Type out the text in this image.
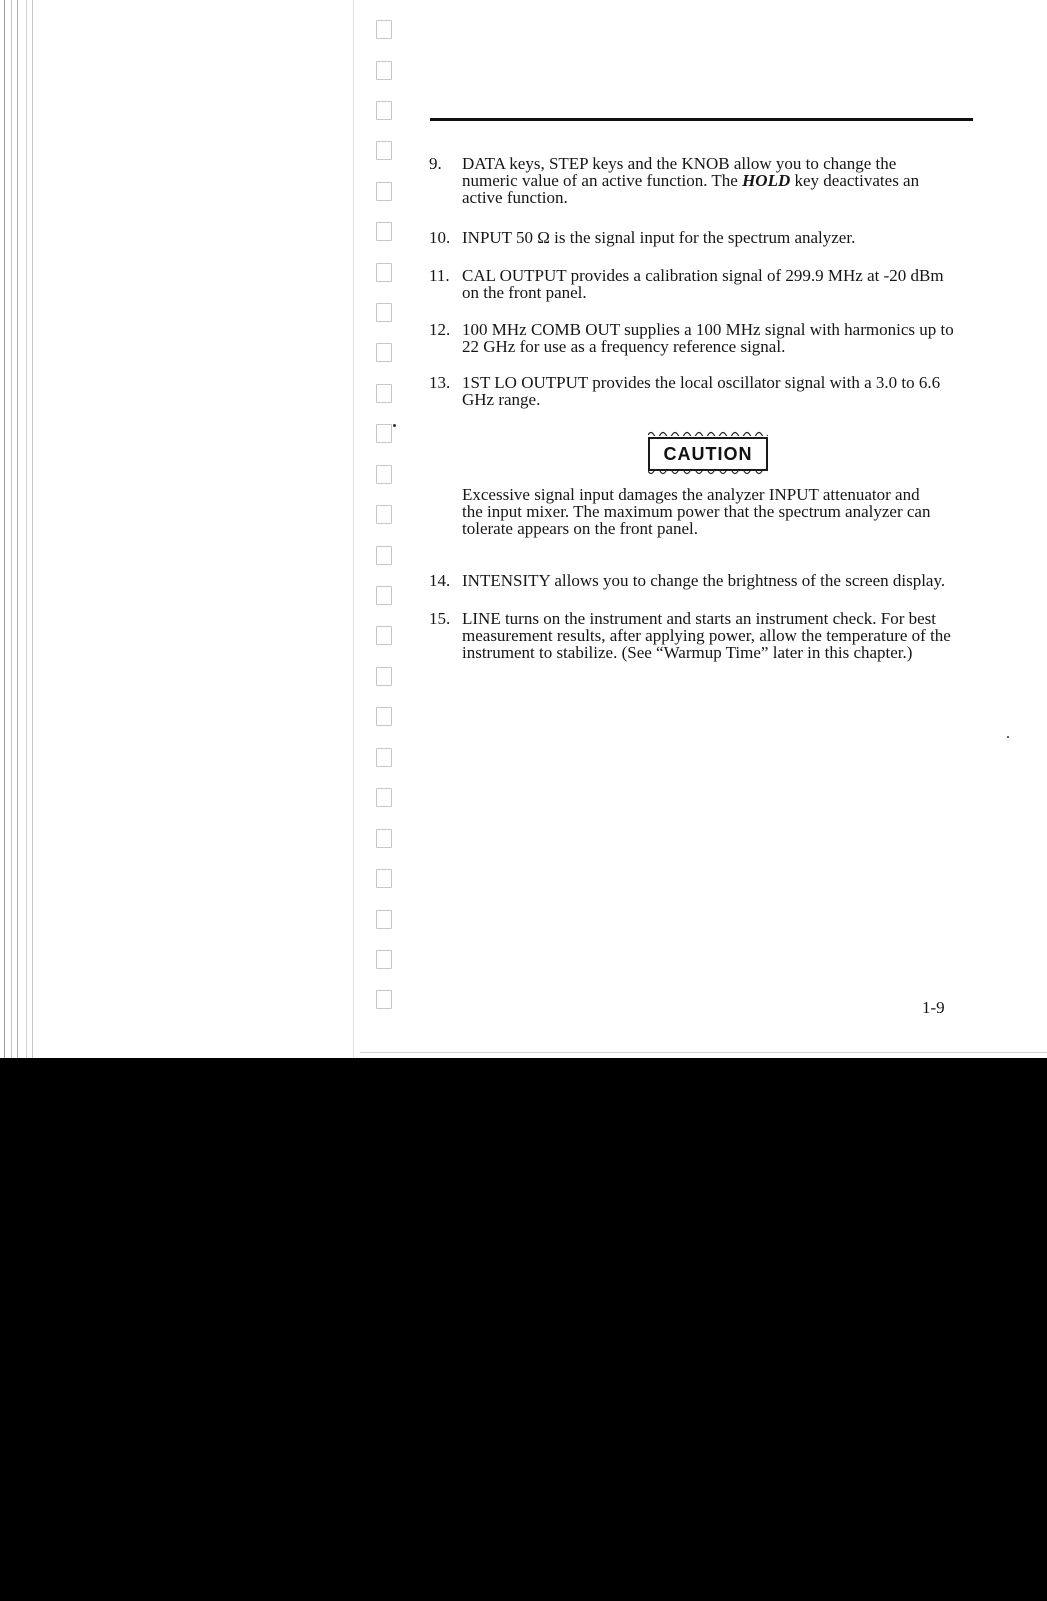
9. DATA keys, STEP keys and the KNOB allow you to change the
numeric value of an active function. The HOLD key deactivates an
active function.
10. INPUT 50 Ω is the signal input for the spectrum analyzer.
11. CAL OUTPUT provides a calibration signal of 299.9 MHz at -20 dBm
on the front panel.
12. 100 MHz COMB OUT supplies a 100 MHz signal with harmonics up to
22 GHz for use as a frequency reference signal.
13. 1ST LO OUTPUT provides the local oscillator signal with a 3.0 to 6.6
GHz range.
CAUTION
Excessive signal input damages the analyzer INPUT attenuator and
the input mixer. The maximum power that the spectrum analyzer can
tolerate appears on the front panel.
14. INTENSITY allows you to change the brightness of the screen display.
15. LINE turns on the instrument and starts an instrument check. For best
measurement results, after applying power, allow the temperature of the
instrument to stabilize. (See “Warmup Time” later in this chapter.)
1-9
